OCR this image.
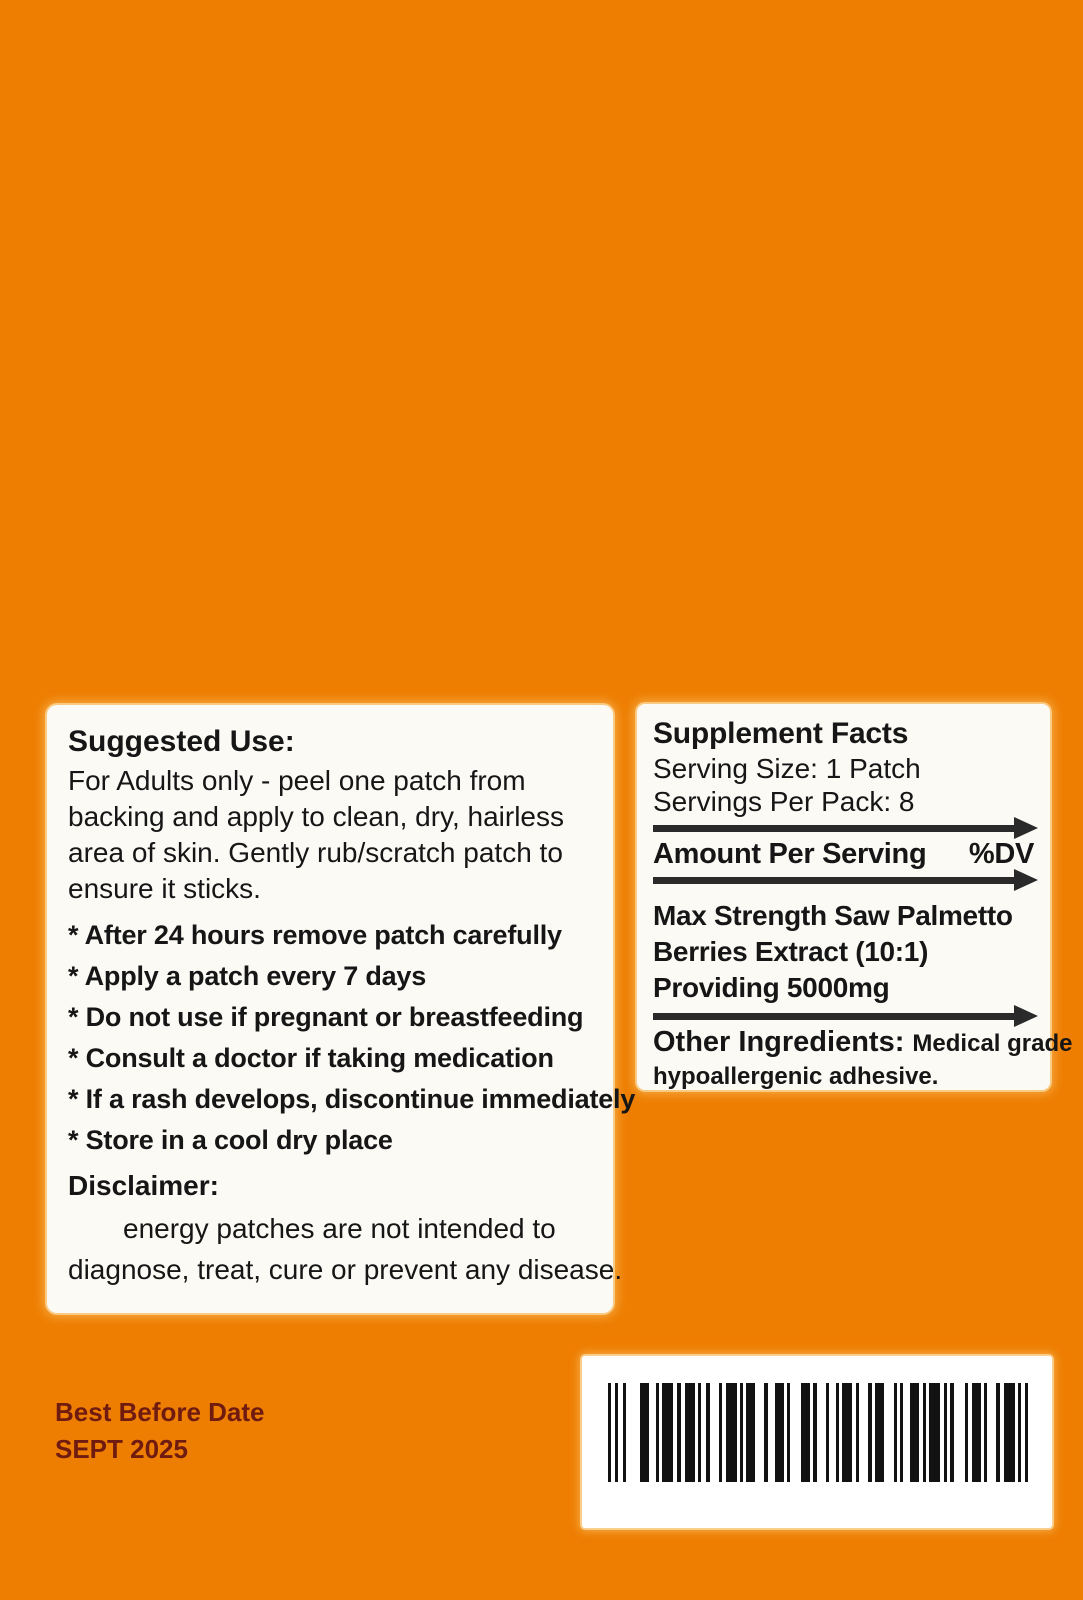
Suggested Use:
For Adults only - peel one patch from
backing and apply to clean, dry, hairless
area of skin. Gently rub/scratch patch to
ensure it sticks.
* After 24 hours remove patch carefully
* Apply a patch every 7 days
* Do not use if pregnant or breastfeeding
* Consult a doctor if taking medication
* If a rash develops, discontinue immediately
* Store in a cool dry place
Disclaimer:
energy patches are not intended to
diagnose, treat, cure or prevent any disease.
Supplement Facts
Serving Size: 1 Patch
Servings Per Pack: 8
Amount Per Serving %DV
Max Strength Saw Palmetto
Berries Extract (10:1)
Providing 5000mg
Other Ingredients: Medical grade
hypoallergenic adhesive.
Best Before Date
SEPT 2025
